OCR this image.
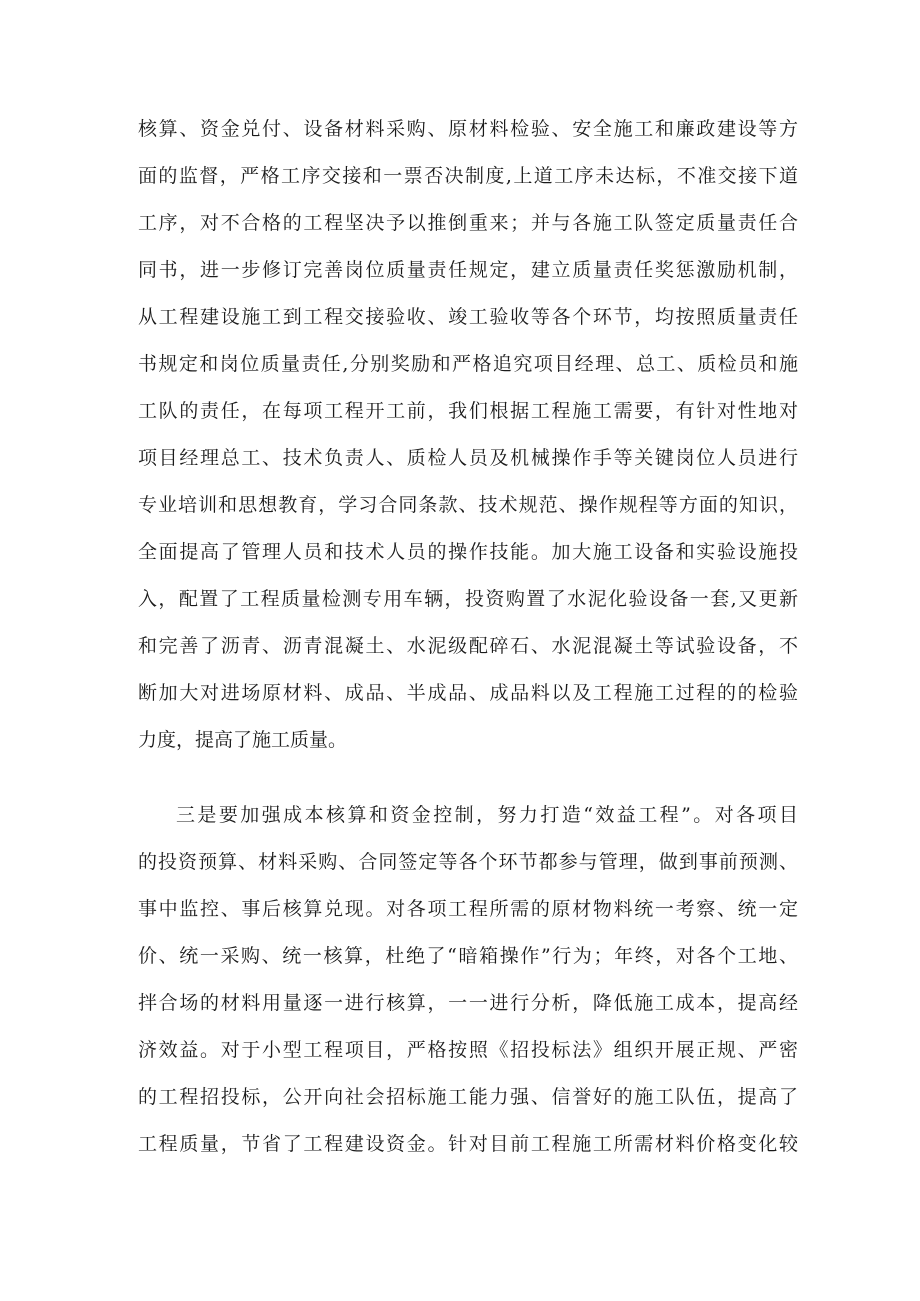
核算、资金兑付、设备材料采购、原材料检验、安全施工和廉政建设等方
面的监督，严格工序交接和一票否决制度,上道工序未达标，不准交接下道
工序，对不合格的工程坚决予以推倒重来；并与各施工队签定质量责任合
同书，进一步修订完善岗位质量责任规定，建立质量责任奖惩激励机制，
从工程建设施工到工程交接验收、竣工验收等各个环节，均按照质量责任
书规定和岗位质量责任,分别奖励和严格追究项目经理、总工、质检员和施
工队的责任，在每项工程开工前，我们根据工程施工需要，有针对性地对
项目经理总工、技术负责人、质检人员及机械操作手等关键岗位人员进行
专业培训和思想教育，学习合同条款、技术规范、操作规程等方面的知识，
全面提高了管理人员和技术人员的操作技能。加大施工设备和实验设施投
入，配置了工程质量检测专用车辆，投资购置了水泥化验设备一套,又更新
和完善了沥青、沥青混凝土、水泥级配碎石、水泥混凝土等试验设备，不
断加大对进场原材料、成品、半成品、成品料以及工程施工过程的的检验
力度，提高了施工质量。
三是要加强成本核算和资金控制，努力打造“效益工程”。对各项目
的投资预算、材料采购、合同签定等各个环节都参与管理，做到事前预测、
事中监控、事后核算兑现。对各项工程所需的原材物料统一考察、统一定
价、统一采购、统一核算，杜绝了“暗箱操作”行为；年终，对各个工地、
拌合场的材料用量逐一进行核算，一一进行分析，降低施工成本，提高经
济效益。对于小型工程项目，严格按照《招投标法》组织开展正规、严密
的工程招投标，公开向社会招标施工能力强、信誉好的施工队伍，提高了
工程质量，节省了工程建设资金。针对目前工程施工所需材料价格变化较
